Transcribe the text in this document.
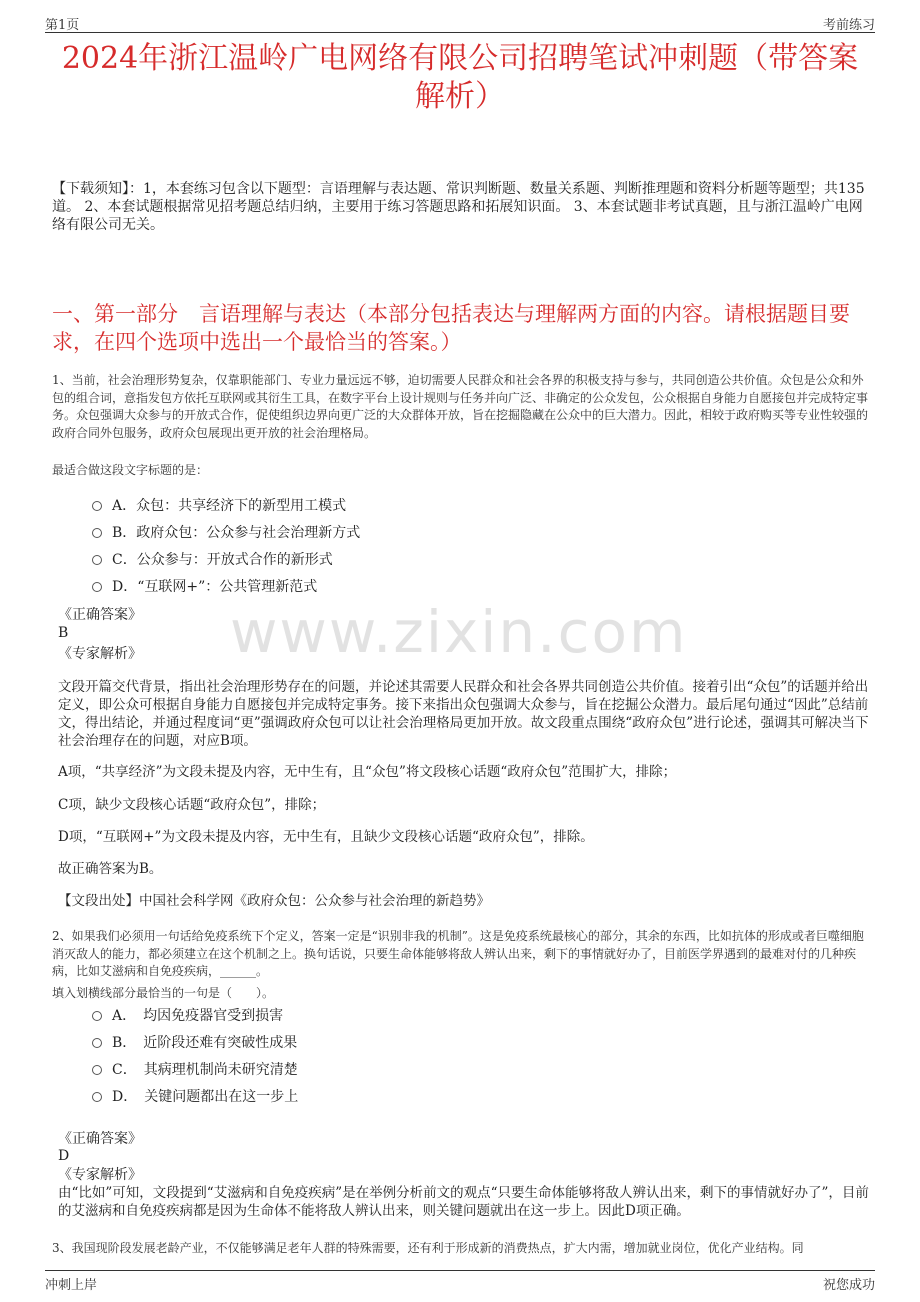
第1页	考前练习
2024年浙江温岭广电网络有限公司招聘笔试冲刺题（带答案解析）
【下载须知】：1，本套练习包含以下题型：言语理解与表达题、常识判断题、数量关系题、判断推理题和资料分析题等题型；共135道。 2、本套试题根据常见招考题总结归纳，主要用于练习答题思路和拓展知识面。 3、本套试题非考试真题，且与浙江温岭广电网络有限公司无关。
一、第一部分　言语理解与表达（本部分包括表达与理解两方面的内容。请根据题目要求，在四个选项中选出一个最恰当的答案。）
1、当前，社会治理形势复杂，仅靠职能部门、专业力量远远不够，迫切需要人民群众和社会各界的积极支持与参与，共同创造公共价值。众包是公众和外包的组合词，意指发包方依托互联网或其衍生工具，在数字平台上设计规则与任务并向广泛、非确定的公众发包，公众根据自身能力自愿接包并完成特定事务。众包强调大众参与的开放式合作，促使组织边界向更广泛的大众群体开放，旨在挖掘隐藏在公众中的巨大潜力。因此，相较于政府购买等专业性较强的政府合同外包服务，政府众包展现出更开放的社会治理格局。
最适合做这段文字标题的是：
A．众包：共享经济下的新型用工模式
B．政府众包：公众参与社会治理新方式
C．公众参与：开放式合作的新形式
D．“互联网+”：公共管理新范式
《正确答案》
B
《专家解析》 www.zixin.com
文段开篇交代背景，指出社会治理形势存在的问题，并论述其需要人民群众和社会各界共同创造公共价值。接着引出“众包”的话题并给出定义，即公众可根据自身能力自愿接包并完成特定事务。接下来指出众包强调大众参与，旨在挖掘公众潜力。最后尾句通过“因此”总结前文，得出结论，并通过程度词“更”强调政府众包可以让社会治理格局更加开放。故文段重点围绕“政府众包”进行论述，强调其可解决当下社会治理存在的问题，对应B项。
A项，“共享经济”为文段未提及内容，无中生有，且“众包”将文段核心话题“政府众包”范围扩大，排除；
C项，缺少文段核心话题“政府众包”，排除；
D项，“互联网+”为文段未提及内容，无中生有，且缺少文段核心话题“政府众包”，排除。
故正确答案为B。
【文段出处】中国社会科学网《政府众包：公众参与社会治理的新趋势》
2、如果我们必须用一句话给免疫系统下个定义，答案一定是“识别非我的机制”。这是免疫系统最核心的部分，其余的东西，比如抗体的形成或者巨噬细胞消灭敌人的能力，都必须建立在这个机制之上。换句话说，只要生命体能够将敌人辨认出来，剩下的事情就好办了，目前医学界遇到的最难对付的几种疾病，比如艾滋病和自免疫疾病，______。
填入划横线部分最恰当的一句是（　　）。
A．　均因免疫器官受到损害
B．　近阶段还难有突破性成果
C．　其病理机制尚未研究清楚
D．　关键问题都出在这一步上
《正确答案》
D
《专家解析》
由“比如”可知，文段提到“艾滋病和自免疫疾病”是在举例分析前文的观点“只要生命体能够将敌人辨认出来，剩下的事情就好办了”，目前的艾滋病和自免疫疾病都是因为生命体不能将敌人辨认出来，则关键问题就出在这一步上。因此D项正确。
3、我国现阶段发展老龄产业，不仅能够满足老年人群的特殊需要，还有利于形成新的消费热点，扩大内需，增加就业岗位，优化产业结构。同
冲刺上岸	祝您成功
